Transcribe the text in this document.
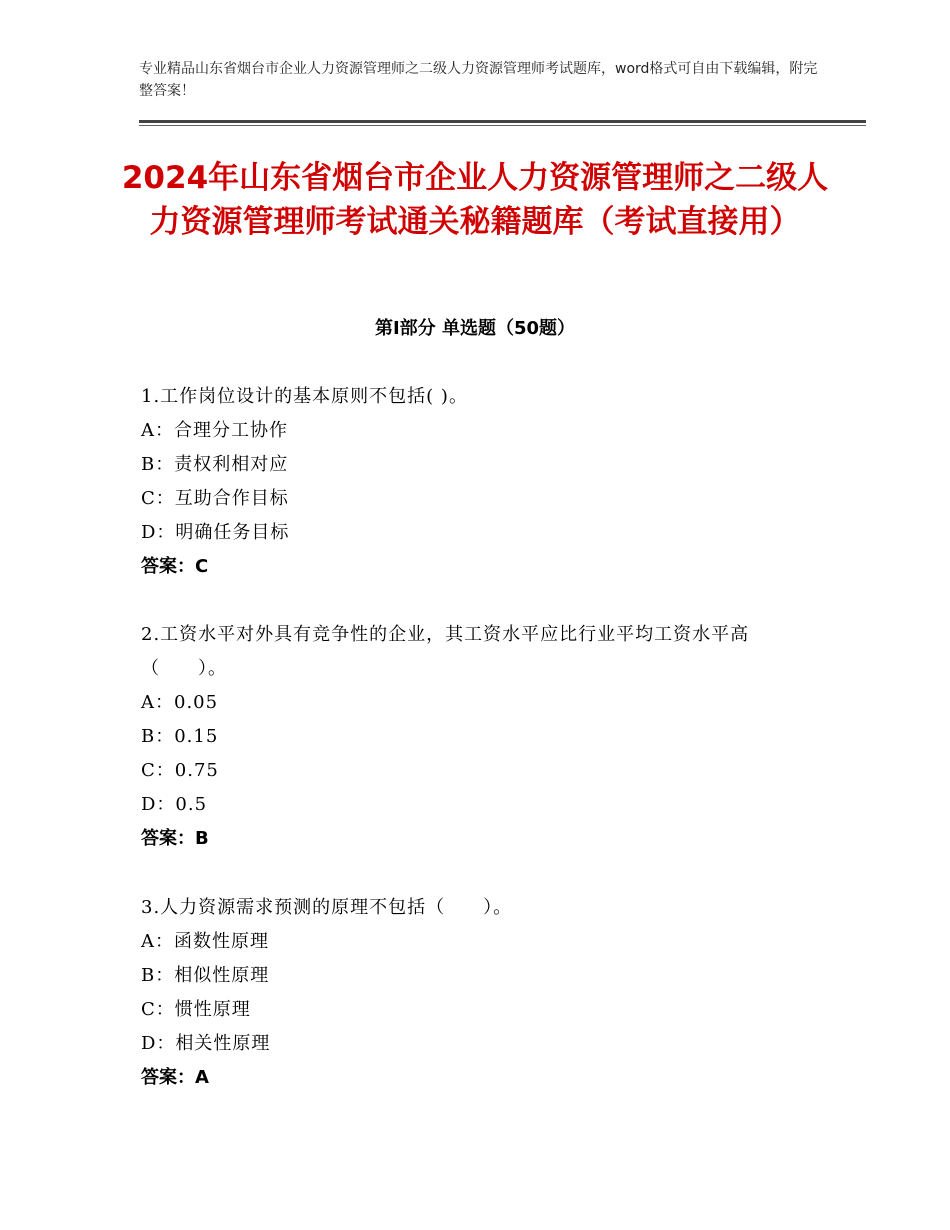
专业精品山东省烟台市企业人力资源管理师之二级人力资源管理师考试题库，word格式可自由下载编辑，附完整答案！
2024年山东省烟台市企业人力资源管理师之二级人力资源管理师考试通关秘籍题库（考试直接用）
第Ⅰ部分 单选题（50题）
1.工作岗位设计的基本原则不包括( )。
A：合理分工协作
B：责权利相对应
C：互助合作目标
D：明确任务目标
答案：C
2.工资水平对外具有竞争性的企业，其工资水平应比行业平均工资水平高（　　）。
A：0.05
B：0.15
C：0.75
D：0.5
答案：B
3.人力资源需求预测的原理不包括（　　）。
A：函数性原理
B：相似性原理
C：惯性原理
D：相关性原理
答案：A
